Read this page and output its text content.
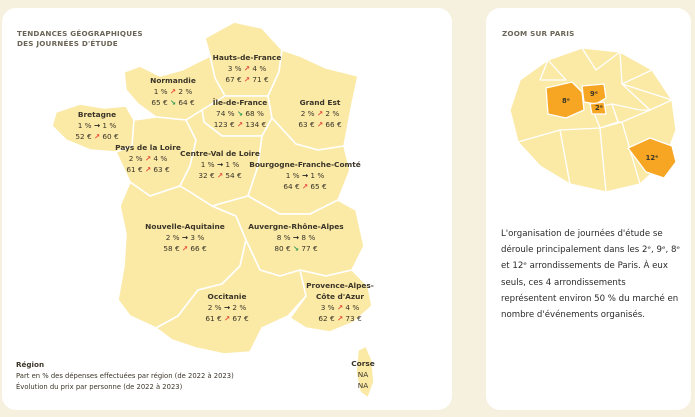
TENDANCES GÉOGRAPHIQUES
DES JOURNÉES D'ÉTUDE
ZOOM SUR PARIS
Hauts-de-France
3 % ↗ 4 %
67 € ↗ 71 €
Normandie
1 % ↗ 2 %
65 € ↘ 64 € Île-de-France
74 % ↘ 68 %
123 € ↗ 134 €
Grand Est
2 % ↗ 2 %
63 € ↗ 66 €
Bretagne
1 % → 1 %
52 € ↗ 60 €
Pays de la Loire
2 % ↗ 4 %
61 € ↗ 63 €
Centre-Val de Loire
1 % → 1 %
32 € ↗ 54 €
Bourgogne-Franche-Comté
1 % → 1 %
64 € ↗ 65 €
Nouvelle-Aquitaine
2 % → 3 %
58 € ↗ 66 €
Auvergne-Rhône-Alpes
8 % → 8 %
80 € ↘ 77 €
Occitanie
2 % → 2 %
61 € ↗ 67 €
Provence-Alpes-
Côte d'Azur
3 % ↗ 4 %
62 € ↗ 73 €
Corse
NA
NA
Région
Part en % des dépenses effectuées par région (de 2022 à 2023)
Évolution du prix par personne (de 2022 à 2023)
8ᵉ
9ᵉ
2ᵉ
12ᵉ
L'organisation de journées d'étude se déroule principalement dans les 2ᵉ, 9ᵉ, 8ᵉ et 12ᵉ arrondissements de Paris. À eux seuls, ces 4 arrondissements représentent environ 50 % du marché en nombre d'événements organisés.
